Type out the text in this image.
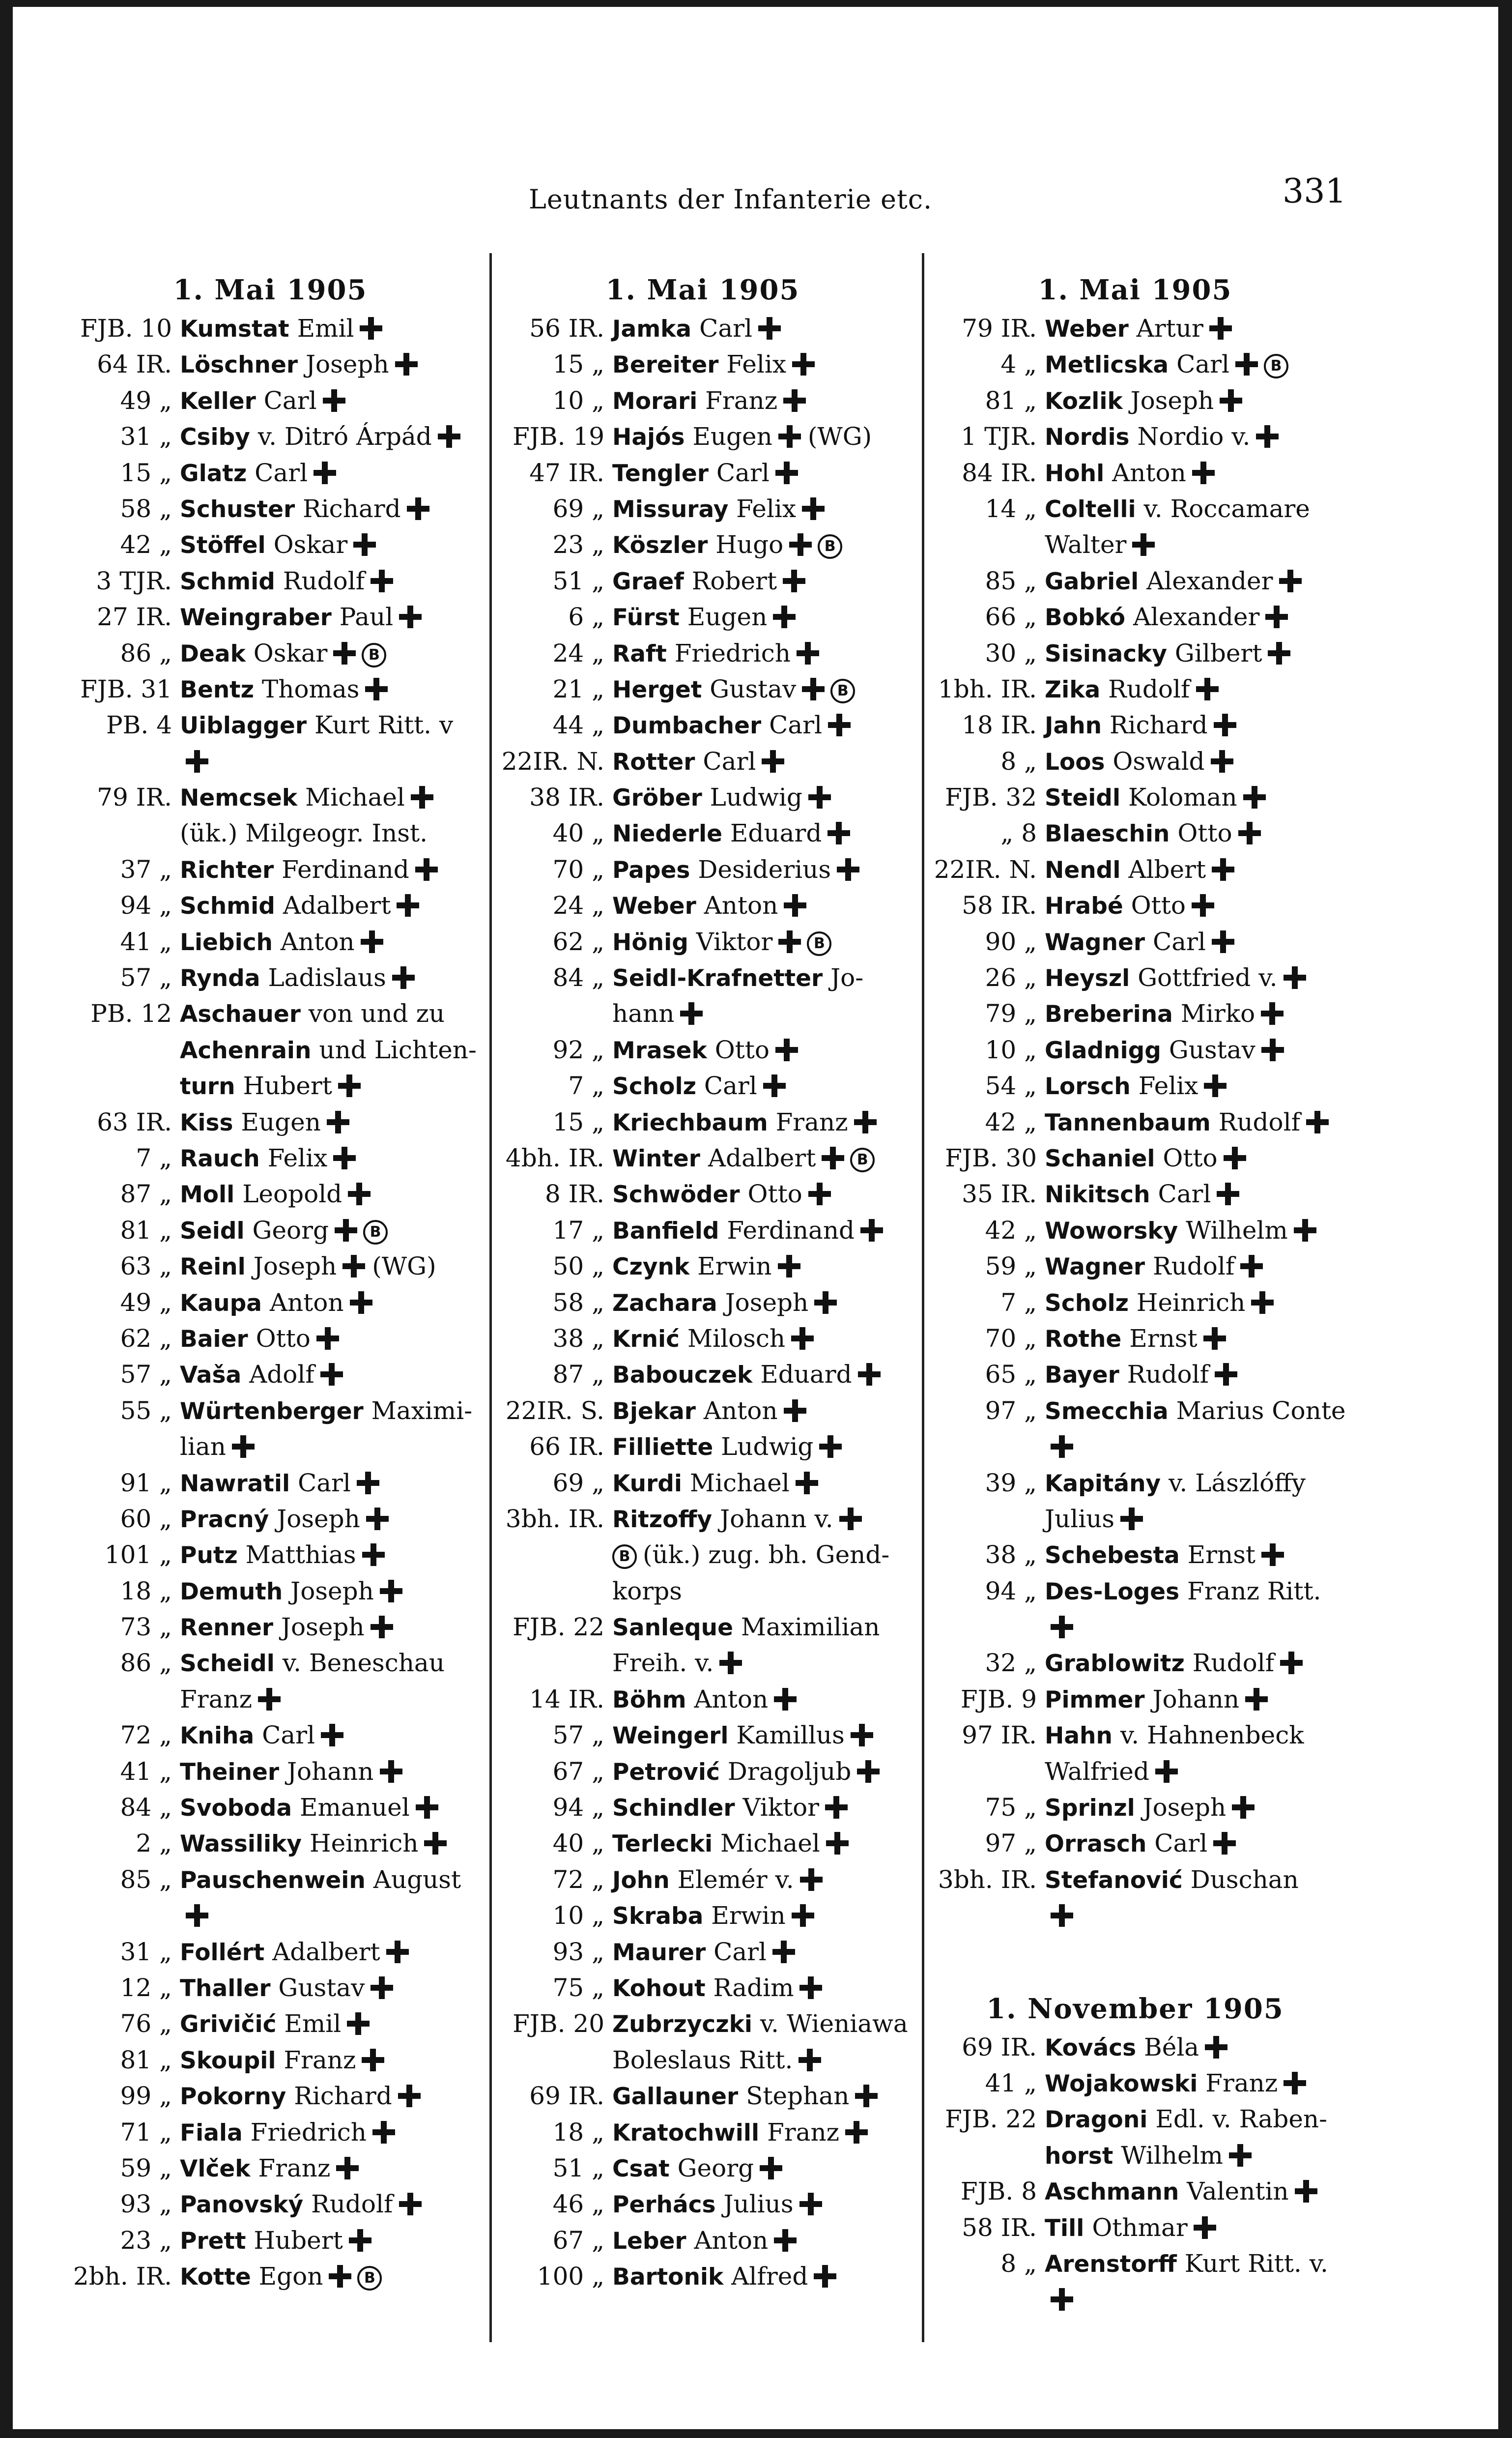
Leutnants der Infanterie etc.	331
1. Mai 1905
FJB. 10 Kumstat Emil
64 IR. Löschner Joseph
49 „ Keller Carl
31 „ Csiby v. Ditró Árpád
15 „ Glatz Carl
58 „ Schuster Richard
42 „ Stöffel Oskar
3 TJR. Schmid Rudolf
27 IR. Weingraber Paul
86 „ Deak Oskar	B
FJB. 31 Bentz Thomas
PB. 4 Uiblagger Kurt Ritt. v
79 IR. Nemcsek Michael
(ük.) Milgeogr. Inst.
37 „ Richter Ferdinand
94 „ Schmid Adalbert
41 „ Liebich Anton
57 „ Rynda Ladislaus
PB. 12 Aschauer von und zu
Achenrain und Lichten-
turn Hubert
63 IR. Kiss Eugen
7 „ Rauch Felix
87 „ Moll Leopold
81 „ Seidl Georg	B
63 „ Reinl Joseph (WG)
49 „ Kaupa Anton
62 „ Baier Otto
57 „ Vaša Adolf
55 „ Würtenberger Maximi-
lian
91 „ Nawratil Carl
60 „ Pracný Joseph
101 „ Putz Matthias
18 „ Demuth Joseph
73 „ Renner Joseph
86 „ Scheidl v. Beneschau
Franz
72 „ Kniha Carl
41 „ Theiner Johann
84 „ Svoboda Emanuel
2 „ Wassiliky Heinrich
85 „ Pauschenwein August
31 „ Follért Adalbert
12 „ Thaller Gustav
76 „ Grivičić Emil
81 „ Skoupil Franz
99 „ Pokorny Richard
71 „ Fiala Friedrich
59 „ Vlček Franz
93 „ Panovský Rudolf
23 „ Prett Hubert
2bh. IR. Kotte Egon	B
1. Mai 1905
56 IR. Jamka Carl
15 „ Bereiter Felix
10 „ Morari Franz
FJB. 19 Hajós Eugen (WG)
47 IR. Tengler Carl
69 „ Missuray Felix
23 „ Köszler Hugo	B
51 „ Graef Robert
6 „ Fürst Eugen
24 „ Raft Friedrich
21 „ Herget Gustav	B
44 „ Dumbacher Carl
22IR. N. Rotter Carl
38 IR. Gröber Ludwig
40 „ Niederle Eduard
70 „ Papes Desiderius
24 „ Weber Anton
62 „ Hönig Viktor	B
84 „ Seidl-Krafnetter Jo-
hann
92 „ Mrasek Otto
7 „ Scholz Carl
15 „ Kriechbaum Franz
4bh. IR. Winter Adalbert	B
8 IR. Schwöder Otto
17 „ Banfield Ferdinand
50 „ Czynk Erwin
58 „ Zachara Joseph
38 „ Krnić Milosch
87 „ Babouczek Eduard
22IR. S. Bjekar Anton
66 IR. Filliette Ludwig
69 „ Kurdi Michael
3bh. IR. Ritzoffy Johann v.
B (ük.) zug. bh. Gend-
korps
FJB. 22 Sanleque Maximilian
Freih. v.
14 IR. Böhm Anton
57 „ Weingerl Kamillus
67 „ Petrović Dragoljub
94 „ Schindler Viktor
40 „ Terlecki Michael
72 „ John Elemér v.
10 „ Skraba Erwin
93 „ Maurer Carl
75 „ Kohout Radim
FJB. 20 Zubrzyczki v. Wieniawa
Boleslaus Ritt.
69 IR. Gallauner Stephan
18 „ Kratochwill Franz
51 „ Csat Georg
46 „ Perhács Julius
67 „ Leber Anton
100 „ Bartonik Alfred
1. Mai 1905
79 IR. Weber Artur
4 „ Metlicska Carl	B
81 „ Kozlik Joseph
1 TJR. Nordis Nordio v.
84 IR. Hohl Anton
14 „ Coltelli v. Roccamare
Walter
85 „ Gabriel Alexander
66 „ Bobkó Alexander
30 „ Sisinacky Gilbert
1bh. IR. Zika Rudolf
18 IR. Jahn Richard
8 „ Loos Oswald
FJB. 32 Steidl Koloman
„ 8 Blaeschin Otto
22IR. N. Nendl Albert
58 IR. Hrabé Otto
90 „ Wagner Carl
26 „ Heyszl Gottfried v.
79 „ Breberina Mirko
10 „ Gladnigg Gustav
54 „ Lorsch Felix
42 „ Tannenbaum Rudolf
FJB. 30 Schaniel Otto
35 IR. Nikitsch Carl
42 „ Woworsky Wilhelm
59 „ Wagner Rudolf
7 „ Scholz Heinrich
70 „ Rothe Ernst
65 „ Bayer Rudolf
97 „ Smecchia Marius Conte
39 „ Kapitány v. Lászlóffy
Julius
38 „ Schebesta Ernst
94 „ Des-Loges Franz Ritt.
32 „ Grablowitz Rudolf
FJB. 9 Pimmer Johann
97 IR. Hahn v. Hahnenbeck
Walfried
75 „ Sprinzl Joseph
97 „ Orrasch Carl
3bh. IR. Stefanović Duschan
1. November 1905
69 IR. Kovács Béla
41 „ Wojakowski Franz
FJB. 22 Dragoni Edl. v. Raben-
horst Wilhelm
FJB. 8 Aschmann Valentin
58 IR. Till Othmar
8 „ Arenstorff Kurt Ritt. v.
